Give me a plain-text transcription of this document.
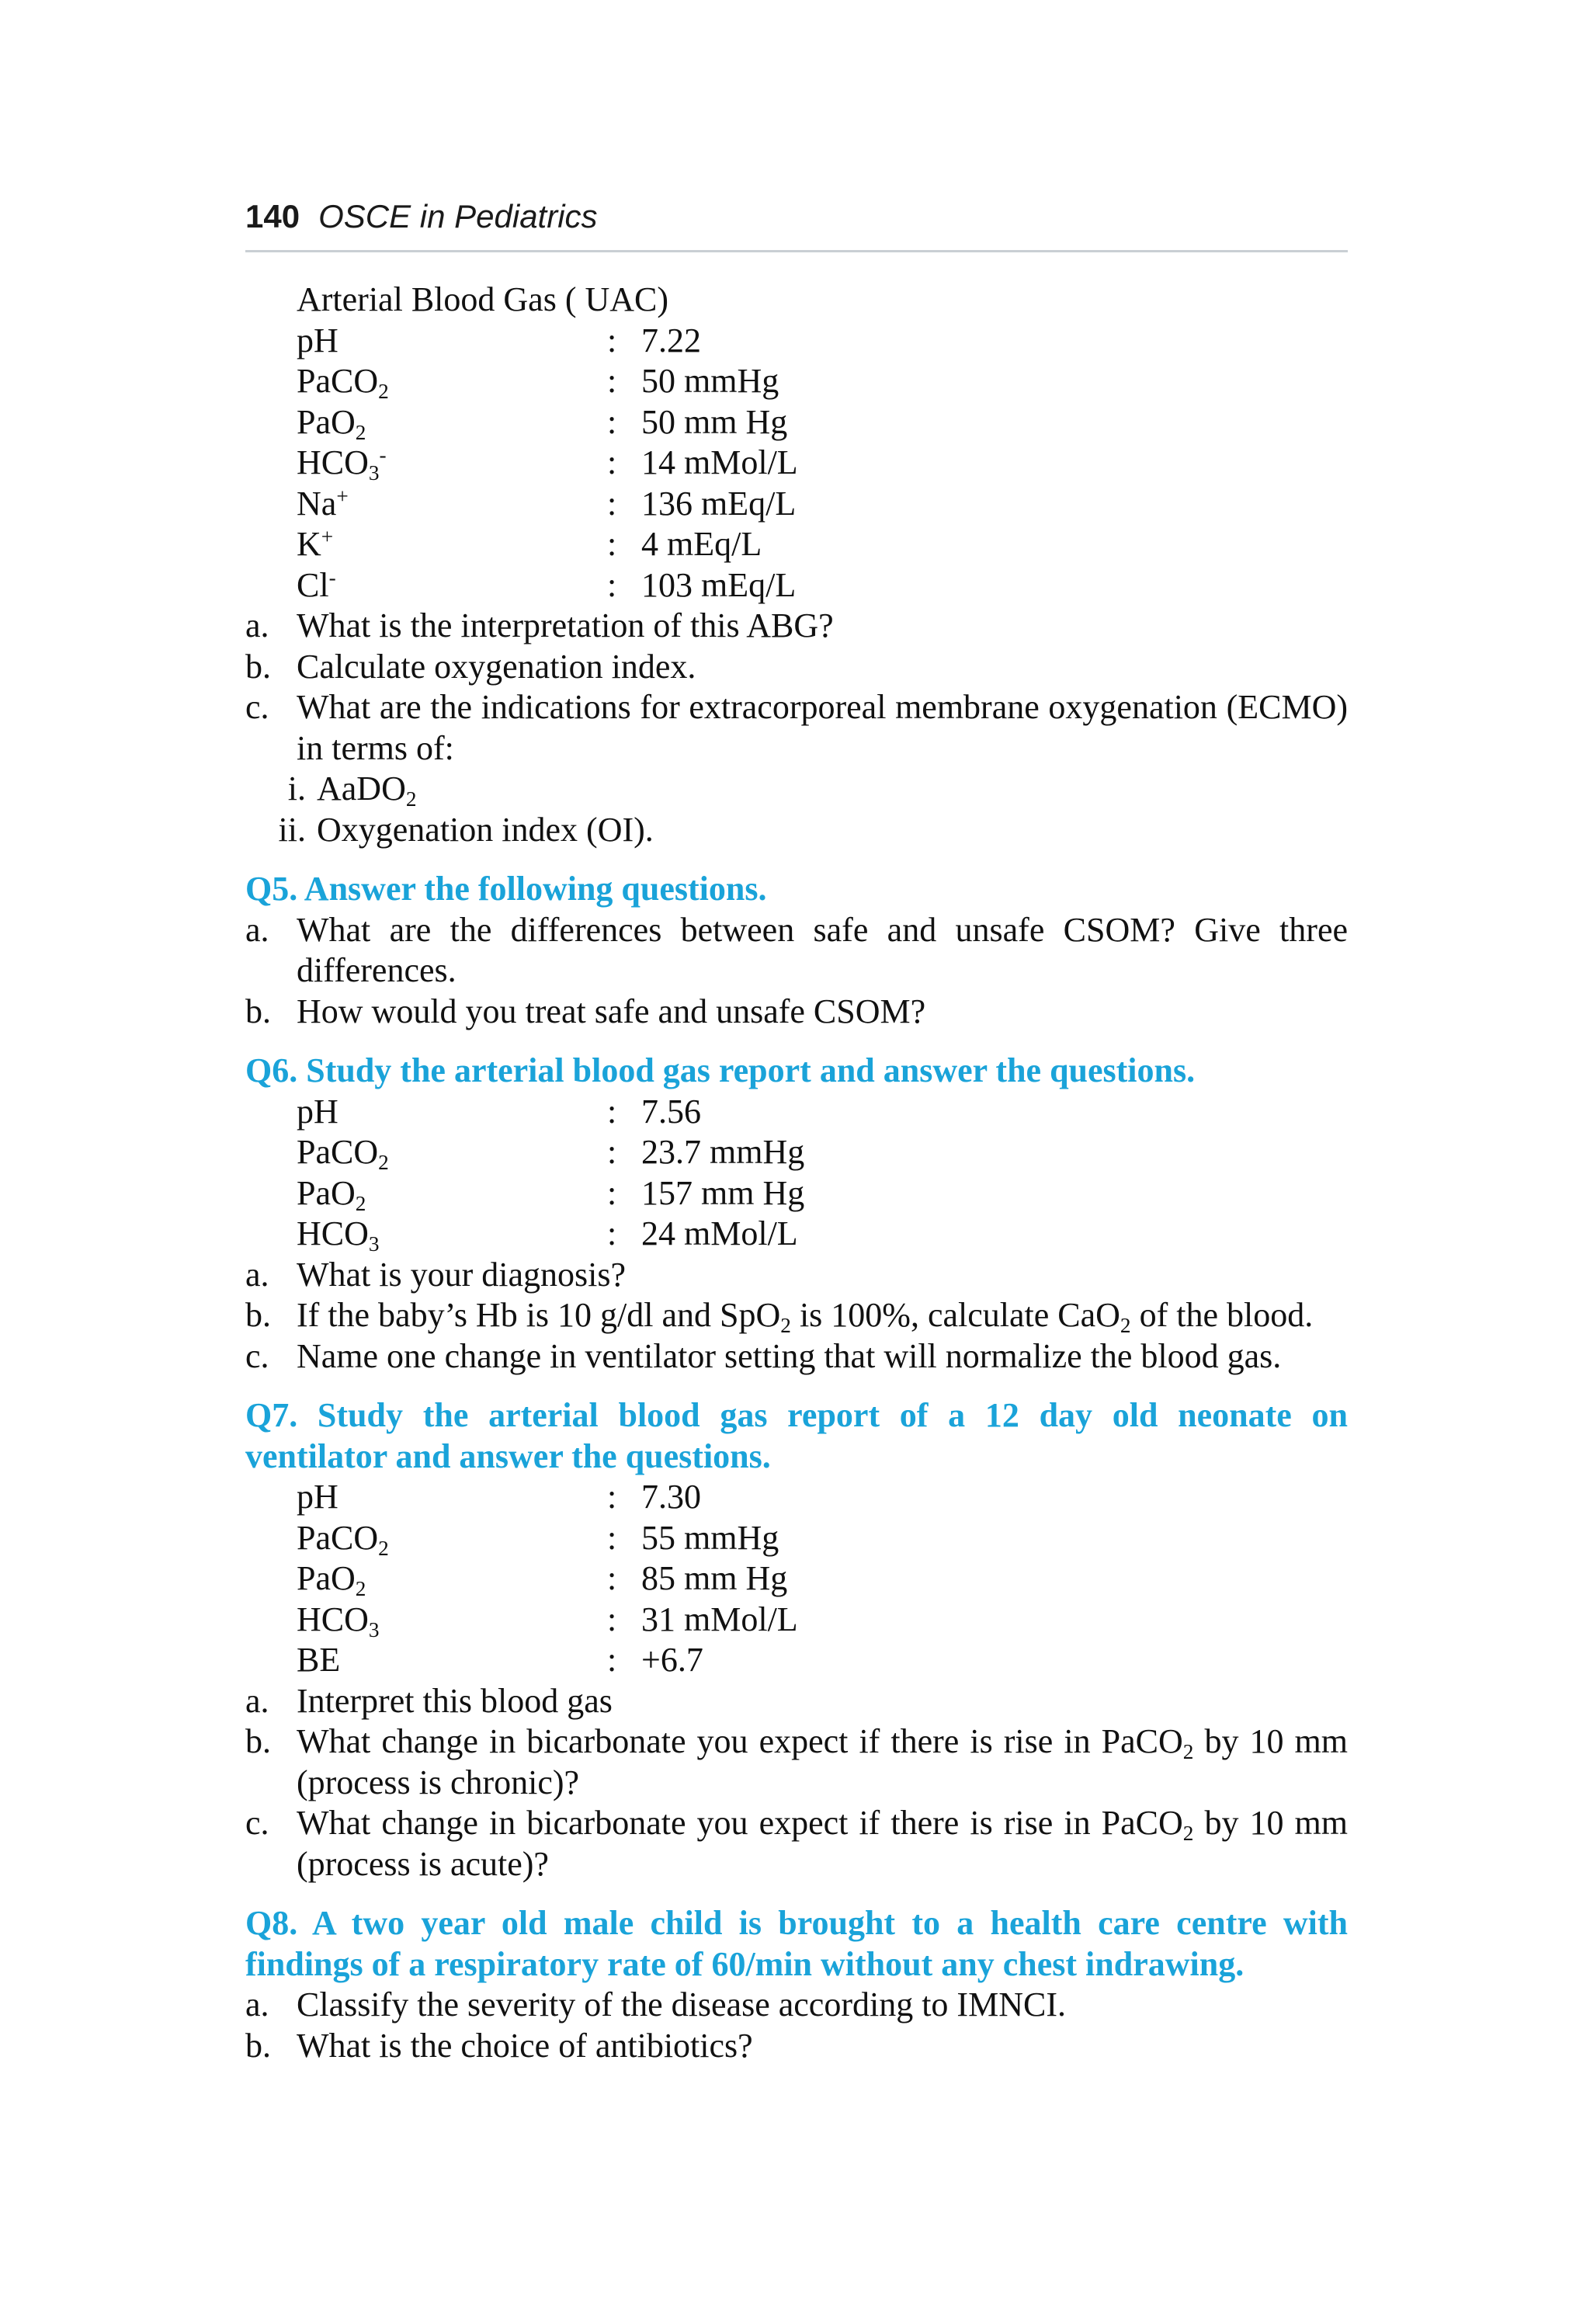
140 OSCE in Pediatrics
Arterial Blood Gas ( UAC)
pH	: 7.22
PaCO$_2$	: 50 mmHg
PaO$_2$	: 50 mm Hg
$HCO_3^-$	: 14 mMol/L
Na+	: 136 mEq/L
K+	: 4 mEq/L
Cl-	: 103 mEq/L
a. What is the interpretation of this ABG?
b. Calculate oxygenation index.
c. What are the indications for extracorporeal membrane oxygenation (ECMO) in terms of:
i. AaDO$_2$
ii. Oxygenation index (OI).
Q5. Answer the following questions.
a. What are the differences between safe and unsafe CSOM? Give three differences.
b. How would you treat safe and unsafe CSOM?
Q6. Study the arterial blood gas report and answer the questions.
pH	: 7.56
PaCO$_2$	: 23.7 mmHg
PaO$_2$	: 157 mm Hg
$HCO_3$	: 24 mMol/L
a. What is your diagnosis?
b. If the baby’s Hb is 10 g/dl and SpO$_2$ is 100%, calculate CaO$_2$ of the blood.
c. Name one change in ventilator setting that will normalize the blood gas.
Q7. Study the arterial blood gas report of a 12 day old neonate on ventilator and answer the questions.
pH	: 7.30
PaCO$_2$	: 55 mmHg
PaO$_2$	: 85 mm Hg
$HCO_3$	: 31 mMol/L
BE	: +6.7
a. Interpret this blood gas
b. What change in bicarbonate you expect if there is rise in PaCO$_2$ by 10 mm (process is chronic)?
c. What change in bicarbonate you expect if there is rise in PaCO$_2$ by 10 mm (process is acute)?
Q8. A two year old male child is brought to a health care centre with findings of a respiratory rate of 60/min without any chest indrawing.
a. Classify the severity of the disease according to IMNCI.
b. What is the choice of antibiotics?
